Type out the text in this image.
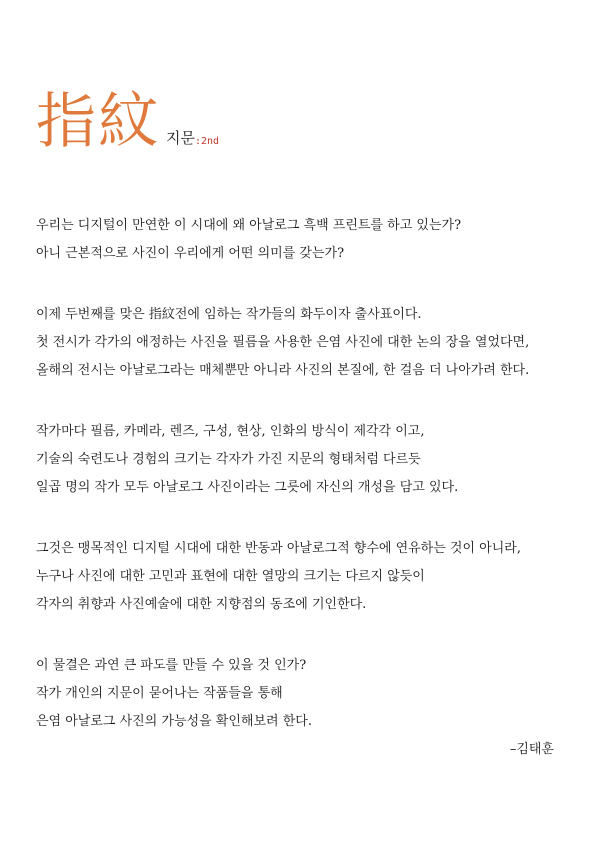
指紋 지문 :2nd
우리는 디지털이 만연한 이 시대에 왜 아날로그 흑백 프린트를 하고 있는가?
아니 근본적으로 사진이 우리에게 어떤 의미를 갖는가?
이제 두번째를 맞은 指紋전에 임하는 작가들의 화두이자 출사표이다.
첫 전시가 각가의 애정하는 사진을 필름을 사용한 은염 사진에 대한 논의 장을 열었다면,
올해의 전시는 아날로그라는 매체뿐만 아니라 사진의 본질에, 한 걸음 더 나아가려 한다.
작가마다 필름, 카메라, 렌즈, 구성, 현상, 인화의 방식이 제각각 이고,
기술의 숙련도나 경험의 크기는 각자가 가진 지문의 형태처럼 다르듯
일곱 명의 작가 모두 아날로그 사진이라는 그릇에 자신의 개성을 담고 있다.
그것은 맹목적인 디지털 시대에 대한 반동과 아날로그적 향수에 연유하는 것이 아니라,
누구나 사진에 대한 고민과 표현에 대한 열망의 크기는 다르지 않듯이
각자의 취향과 사진예술에 대한 지향점의 동조에 기인한다.
이 물결은 과연 큰 파도를 만들 수 있을 것 인가?
작가 개인의 지문이 묻어나는 작품들을 통해
은염 아날로그 사진의 가능성을 확인해보려 한다.
–김태훈
